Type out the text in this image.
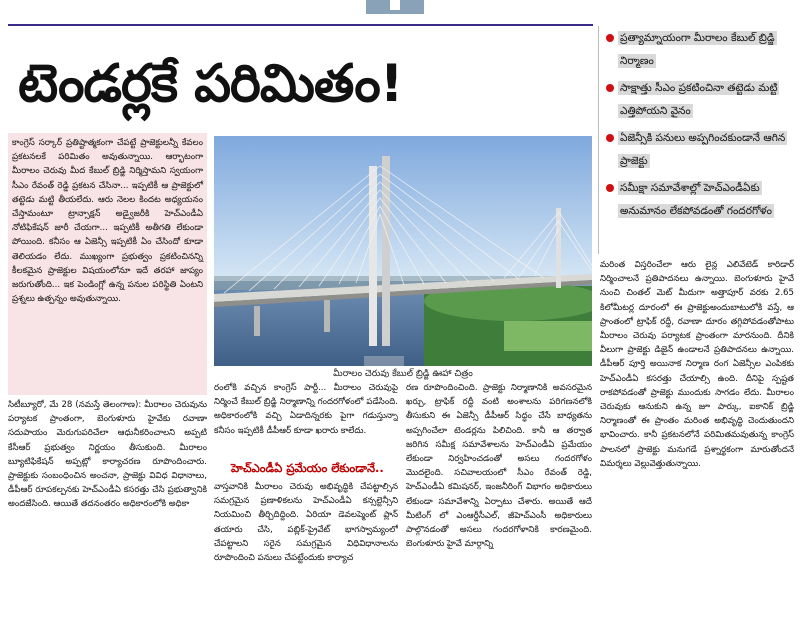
టెండర్లకే పరిమితం!
ప్రత్యామ్నాయంగా మీరాలం కేబుల్ బ్రిడ్జి నిర్మాణం
సాక్షాత్తు సీఎం ప్రకటించినా తట్టెడు మట్టి ఎత్తిపోయని వైనం
ఏజెన్సీకి పనులు అప్పగించకుండానే ఆగిన ప్రాజెక్టు
సమీక్షా సమావేశాల్లో హెచ్ఎండీఏకు అనుమానం లేకపోవడంతో గందరగోళం

కాంగ్రెస్ సర్కార్ ప్రతిష్టాత్మకంగా చేపట్టే ప్రాజెక్టులన్నీ కేవలం ప్రకటనలకే పరిమితం అవుతున్నాయి. ఆర్భాటంగా మీరాలం చెరువు మీద కేబుల్ బ్రిడ్జి నిర్మిస్తామని స్వయంగా సీఎం రేవంత్ రెడ్డి ప్రకటన చేసినా... ఇప్పటికీ ఆ ప్రాజెక్టులో తట్టెడు మట్టి తీయలేదు. ఆరు నెలల కిందట అధ్యయనం చేస్తామంటూ ట్రాన్సాక్షన్ అడ్వైజరీకి హెచ్ఎండీఏ నోటిఫికేషన్ జారీ చేయగా... ఇప్పటికీ అతీగతి లేకుండా పోయింది. కనీసం ఆ ఏజెన్సీ ఇప్పటికీ ఏం చేసిందో కూడా తెలియడం లేదు. ముఖ్యంగా ప్రభుత్వం ప్రకటించినన్ని కీలకమైన ప్రాజెక్టుల విషయంలోనూ ఇదే తరహా జాప్యం జరుగుతోంది... ఇక పెండింగ్లో ఉన్న పనుల పరిస్థితి ఏంటని ప్రశ్నలు ఉత్పన్నం అవుతున్నాయి.

మీరాలం చెరువు కేబుల్ బ్రిడ్జి ఊహా చిత్రం

సిటీబ్యూరో, మే 28 (నమస్తే తెలంగాణ): మీరాలం చెరువును పర్యాటక ప్రాంతంగా, బెంగుళూరు హైవేకు రవాణా సదుపాయం మెరుగుపరిచేలా ఆధునీకరించాలని అప్పటి కేసీఆర్ ప్రభుత్వం నిర్ణయం తీసుకుంది. మీరాలం బ్యూటిఫికేషన్ అప్పట్లో కార్యాచరణ రూపొందించారు. ప్రాజెక్టుకు సంబంధించిన అంచనా, ప్రాజెక్టు వివిధ విధానాలు, డీపీఆర్ రూపకల్పనకు హెచ్ఎండీఏ కసరత్తు చేసి ప్రభుత్వానికి అందజేసింది. ఆయితే తదనంతరం అధికారంలోకి అధికా

రంలోకి వచ్చిన కాంగ్రెస్ పార్టీ... మీరాలం చెరువుపై నిర్మించే కేబుల్ బ్రిడ్జి నిర్మాణాన్ని గందరగోళంలో పడేసింది. అధికారంలోకి వచ్చి ఏడాదిన్నరకు పైగా గడుస్తున్నా కనీసం ఇప్పటికీ డీపీఆర్ కూడా ఖరారు కాలేదు.

హెచ్ఎండీఏ ప్రమేయం లేకుండానే..

వాస్తవానికి మీరాలం చెరువు అభివృద్ధికి చేపట్టాల్సిన సమగ్రమైన ప్రణాళికలను హెచ్ఎండీఏ కన్సల్టెన్సీని నియమించి తీర్చిదిద్దింది. ఏరియా డెవలప్మెంట్ ప్లాన్ తయారు చేసి, పబ్లిక్-ప్రైవేట్ భాగస్వామ్యంలో చేపట్టాలని సరైన సమగ్రమైన విధివిధానాలను రూపొందించి పనులు చేపట్టేందుకు కార్యాచ

రణ రూపొందించింది. ప్రాజెక్టు నిర్మాణానికి అవసరమైన ఖర్చు, ట్రాఫిక్ రద్దీ వంటి అంశాలను పరిగణనలోకి తీసుకుని ఈ ఏజెన్సీ డీపీఆర్ సిద్ధం చేసే బాధ్యతను అప్పగించేలా టెండర్లను పిలిచింది. కానీ ఆ తర్వాత జరిగిన సమీక్ష సమావేశాలను హెచ్ఎండీఏ ప్రమేయం లేకుండా నిర్వహించడంతో అసలు గందరగోళం మొదలైంది. సచివాలయంలో సీఎం రేవంత్ రెడ్డి, హెచ్ఎండీఏ కమిషనర్, ఇంజనీరింగ్ విభాగం అధికారులు లేకుండా సమావేశాన్ని ఏర్పాటు చేశారు. అయితే ఆదే మీటింగ్ లో ఎంఆర్డీసీఎల్, జీహెచ్ఎంసీ అధికారులు పాల్గొనడంతో అసలు గందరగోళానికి కారణమైంది. బెంగుళూరు హైవే మార్గాన్ని

మరింత విస్తరించేలా ఆరు లైన్ల ఎలివేటెడ్ కారిడార్ నిర్మించాలనే ప్రతిపాదనలు ఉన్నాయి. బెంగుళూరు హైవే నుంచి చింతల్ మెట్ మీదుగా అత్తాపూర్ వరకు 2.65 కిలోమీటర్ల దూరంలో ఈ ప్రాజెక్టుఅందుబాటులోకి వస్తే, ఆ ప్రాంతంలో ట్రాఫిక్ రద్దీ, రవాణా దూరం తగ్గిపోవడంతోపాటు మీరాలం చెరువు పర్యాటక ప్రాంతంగా మారనుంది. దీనికి వీలుగా ప్రాజెక్టు డిజైన్ ఉండాలనే ప్రతిపాదనలు ఉన్నాయి. డీపీఆర్ పూర్తి అయినాక నిర్మాణ రంగ ఏజెన్సీల ఎంపికకు హెచ్ఎండీఏ కసరత్తు చేయాల్సి ఉంది. దీనిపై స్పష్టత రాకపోవడంతో ప్రాజెక్టు ముందుకు సాగడం లేదు. మీరాలం చెరువుకు ఆనుకుని ఉన్న జూ పార్కు, ఐకానిక్ బ్రిడ్జి నిర్మాణంతో ఈ ప్రాంతం మరింత అభివృద్ధి చెందుతుందని భావించారు. కానీ ప్రకటనలోనే పరిమితమవుతున్న కాంగ్రెస్ పాలనలో ప్రాజెక్టు మనుగడే ప్రశ్నార్థకంగా మారుతోందనే విమర్శలు వెల్లువెత్తుతున్నాయి.
